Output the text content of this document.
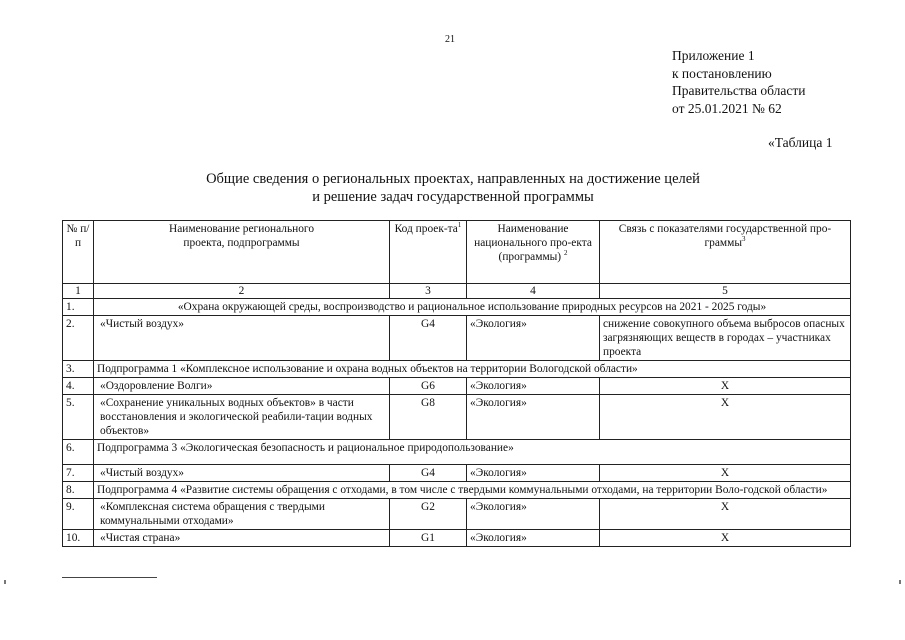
21
Приложение 1
к постановлению
Правительства области
от 25.01.2021 № 62
«Таблица 1
Общие сведения о региональных проектах, направленных на достижение целей
и решение задач государственной программы
№ п/п	Наименование регионального проекта, подпрограммы	Код проек-$та^1$	Наименование национального про-екта (программы) $^2$	Связь с показателями государственной про-граммы$^3$
1	2	3	4	5
1.	«Охрана окружающей среды, воспроизводство и рациональное использование природных ресурсов на 2021 - 2025 годы»			
2.	«Чистый воздух»	G4	«Экология»	снижение совокупного объема выбросов опасных загрязняющих веществ в городах – участниках проекта
3.	Подпрограмма 1 «Комплексное использование и охрана водных объектов на территории Вологодской области»			
4.	«Оздоровление Волги»	G6	«Экология»	X
5.	«Сохранение уникальных водных объектов» в части восстановления и экологической реабили-тации водных объектов»	G8	«Экология»	X
6.	Подпрограмма 3 «Экологическая безопасность и рациональное природопользование»			
7.	«Чистый воздух»	G4	«Экология»	X
8.	Подпрограмма 4 «Развитие системы обращения с отходами, в том числе с твердыми коммунальными отходами, на территории Воло-годской области»			
9.	«Комплексная система обращения с твердыми коммунальными отходами»	G2	«Экология»	X
10.	«Чистая страна»	G1	«Экология»	X
